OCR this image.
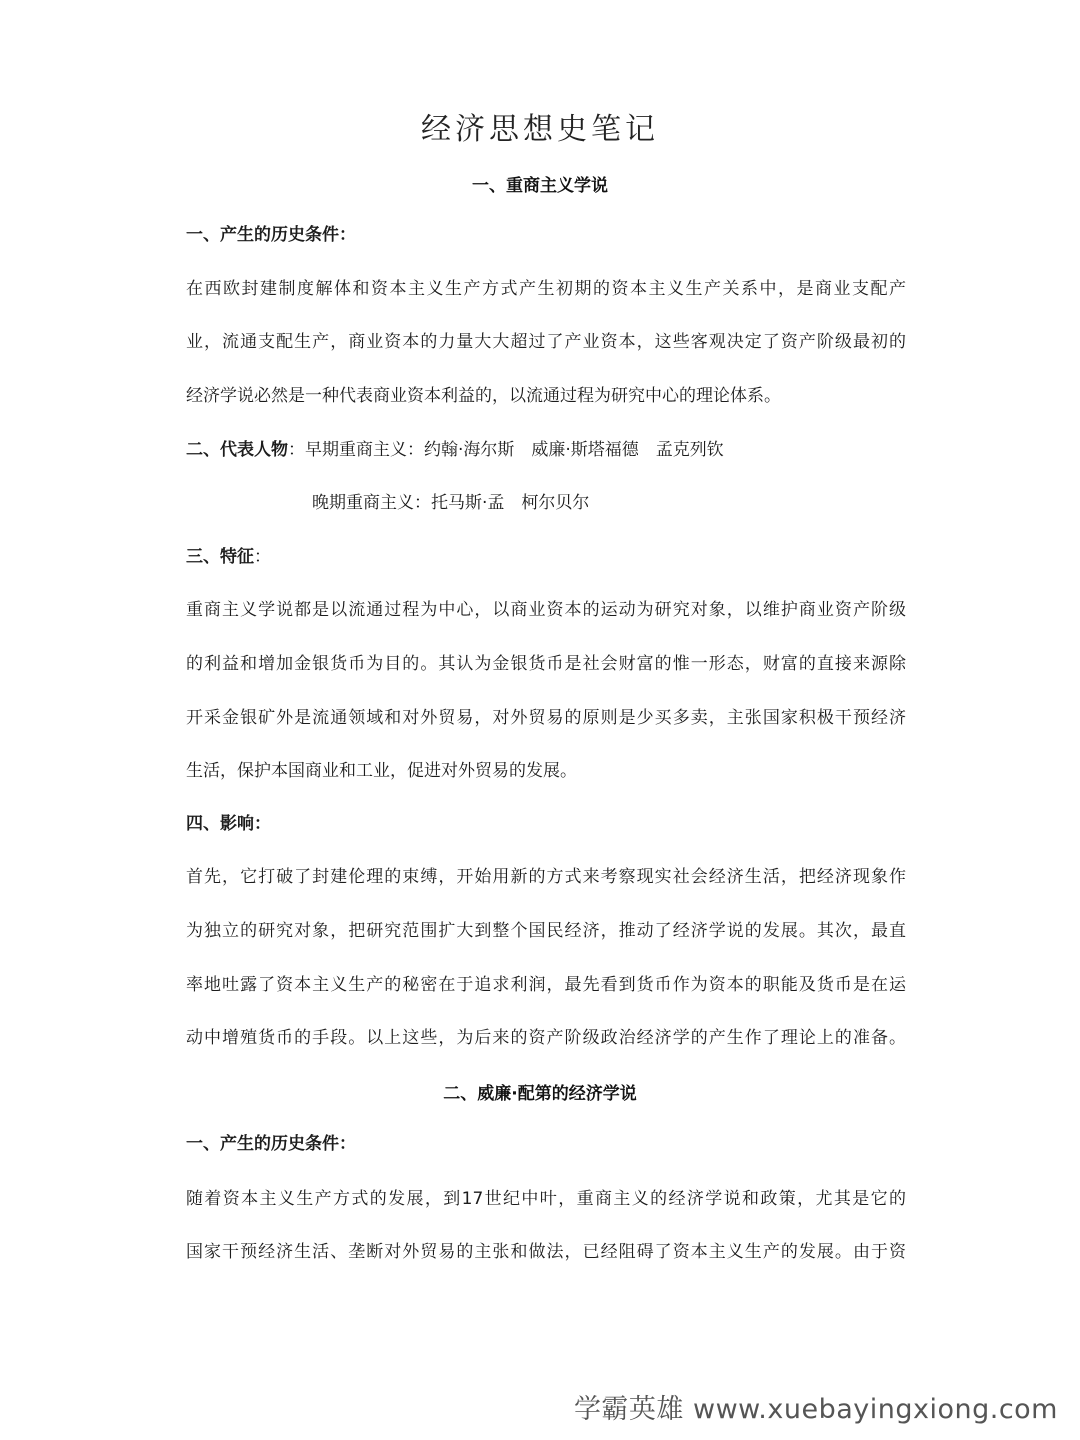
经济思想史笔记
一、重商主义学说
一、产生的历史条件：
在西欧封建制度解体和资本主义生产方式产生初期的资本主义生产关系中，是商业支配产
业，流通支配生产，商业资本的力量大大超过了产业资本，这些客观决定了资产阶级最初的
经济学说必然是一种代表商业资本利益的，以流通过程为研究中心的理论体系。
二、代表人物：早期重商主义：约翰·海尔斯　威廉·斯塔福德　孟克列钦
晚期重商主义：托马斯·孟　柯尔贝尔
三、特征：
重商主义学说都是以流通过程为中心，以商业资本的运动为研究对象，以维护商业资产阶级
的利益和增加金银货币为目的。其认为金银货币是社会财富的惟一形态，财富的直接来源除
开采金银矿外是流通领域和对外贸易，对外贸易的原则是少买多卖，主张国家积极干预经济
生活，保护本国商业和工业，促进对外贸易的发展。
四、影响：
首先，它打破了封建伦理的束缚，开始用新的方式来考察现实社会经济生活，把经济现象作
为独立的研究对象，把研究范围扩大到整个国民经济，推动了经济学说的发展。其次，最直
率地吐露了资本主义生产的秘密在于追求利润，最先看到货币作为资本的职能及货币是在运
动中增殖货币的手段。以上这些，为后来的资产阶级政治经济学的产生作了理论上的准备。
二、威廉·配第的经济学说
一、产生的历史条件：
随着资本主义生产方式的发展，到17世纪中叶，重商主义的经济学说和政策，尤其是它的
国家干预经济生活、垄断对外贸易的主张和做法，已经阻碍了资本主义生产的发展。由于资
学霸英雄 www.xuebayingxiong.com
